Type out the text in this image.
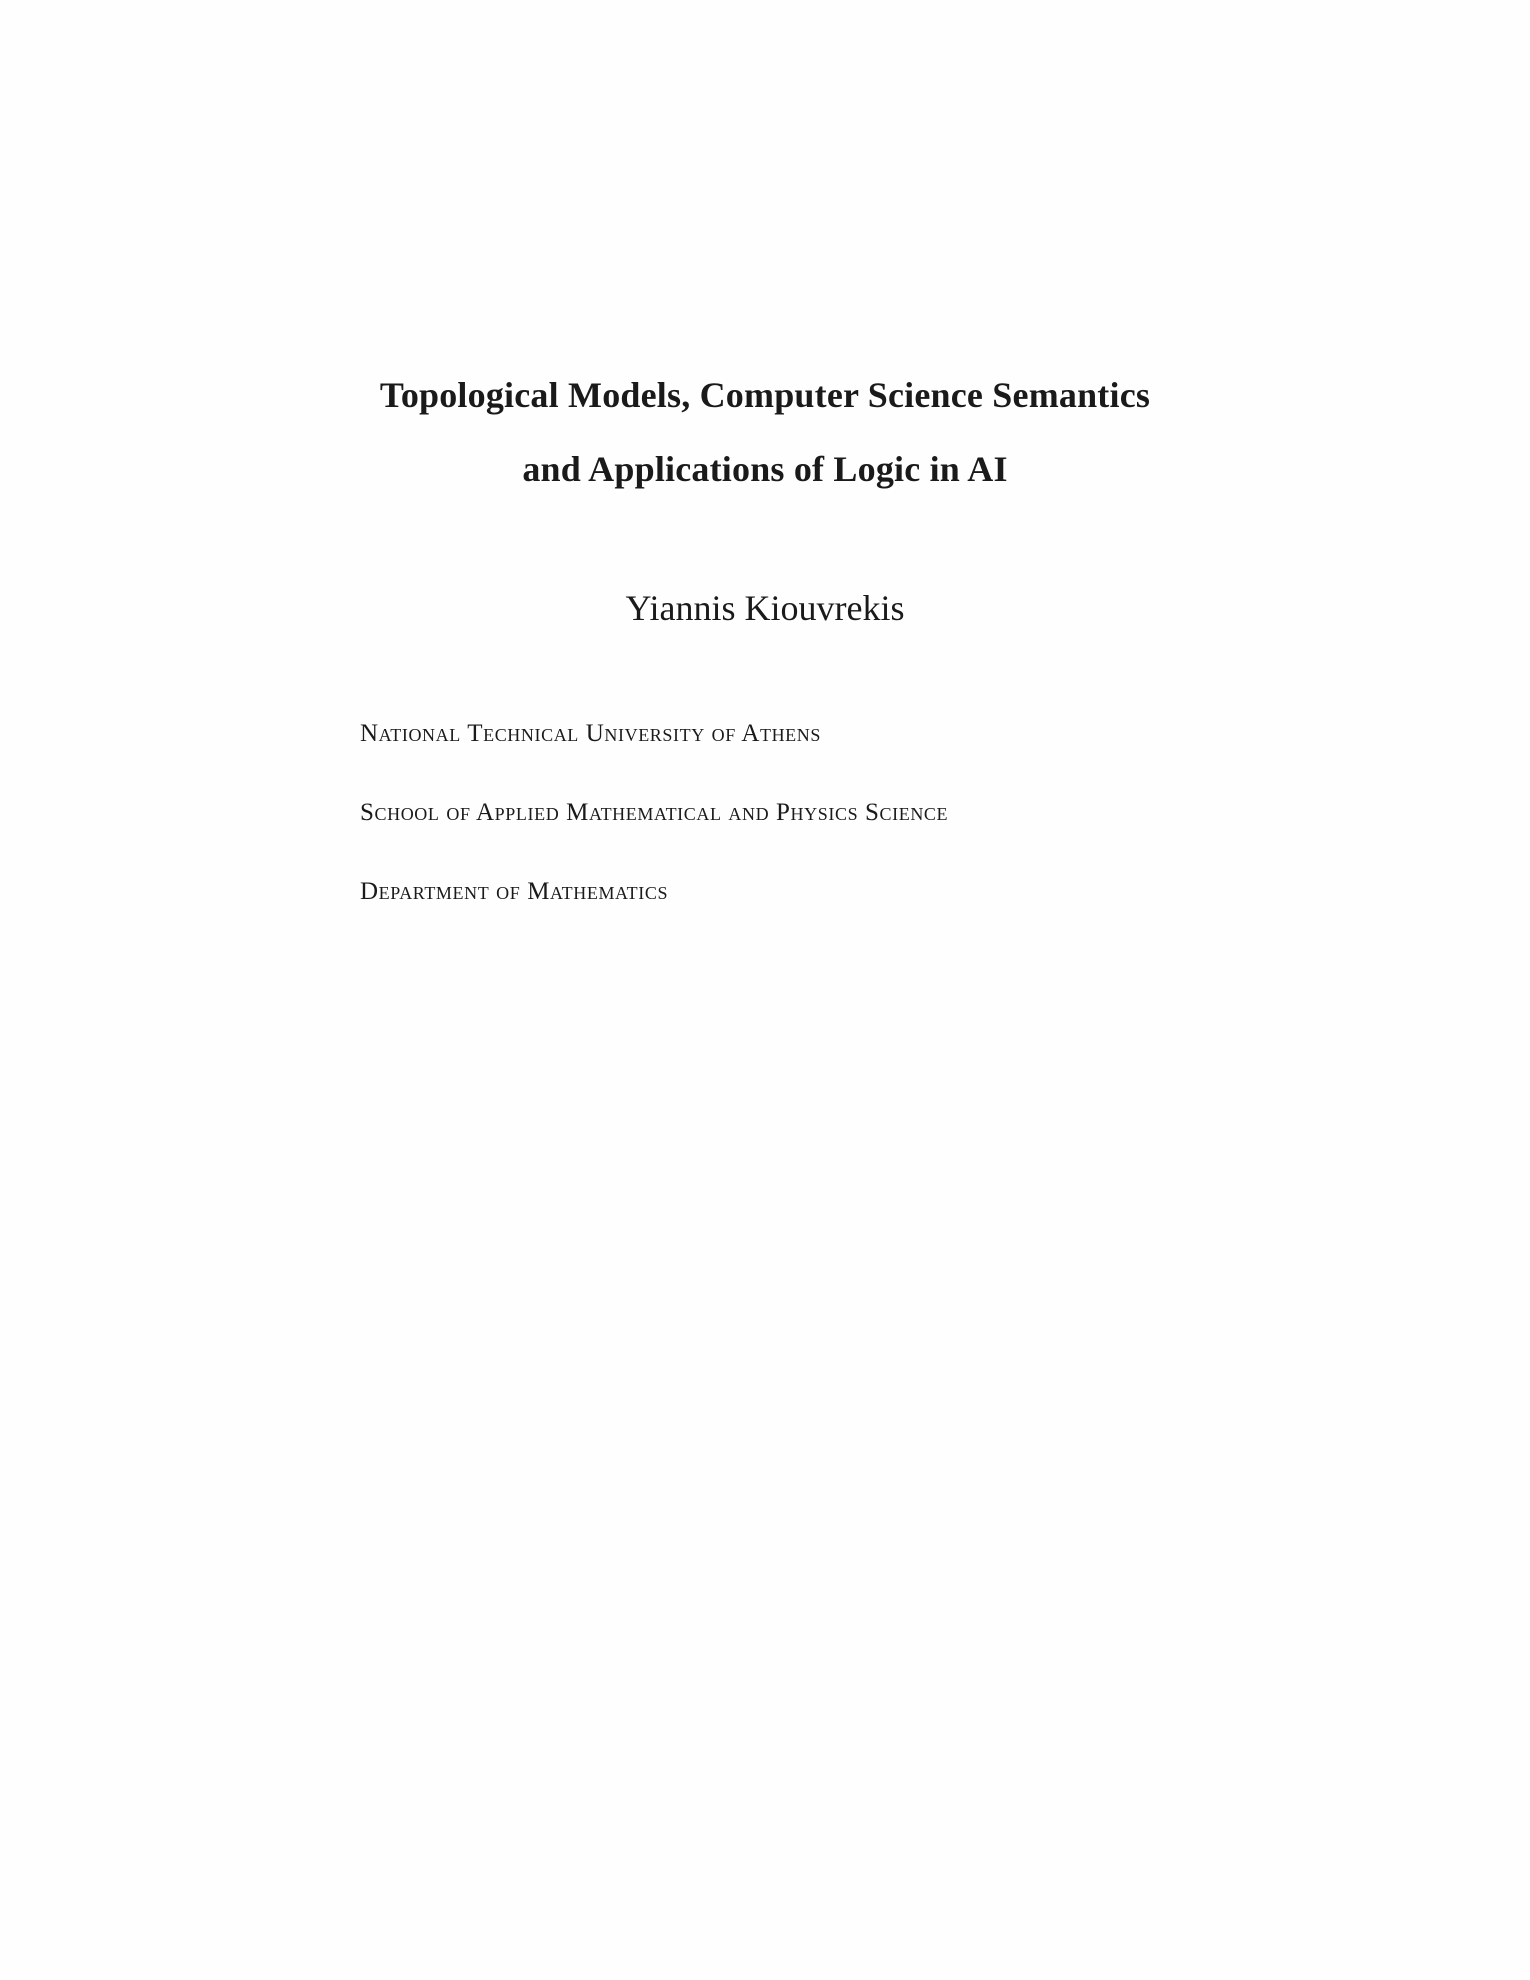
Topological Models, Computer Science Semantics
and Applications of Logic in AI

Yiannis Kiouvrekis

National Technical University of Athens

School of Applied Mathematical and Physics Science

Department of Mathematics
